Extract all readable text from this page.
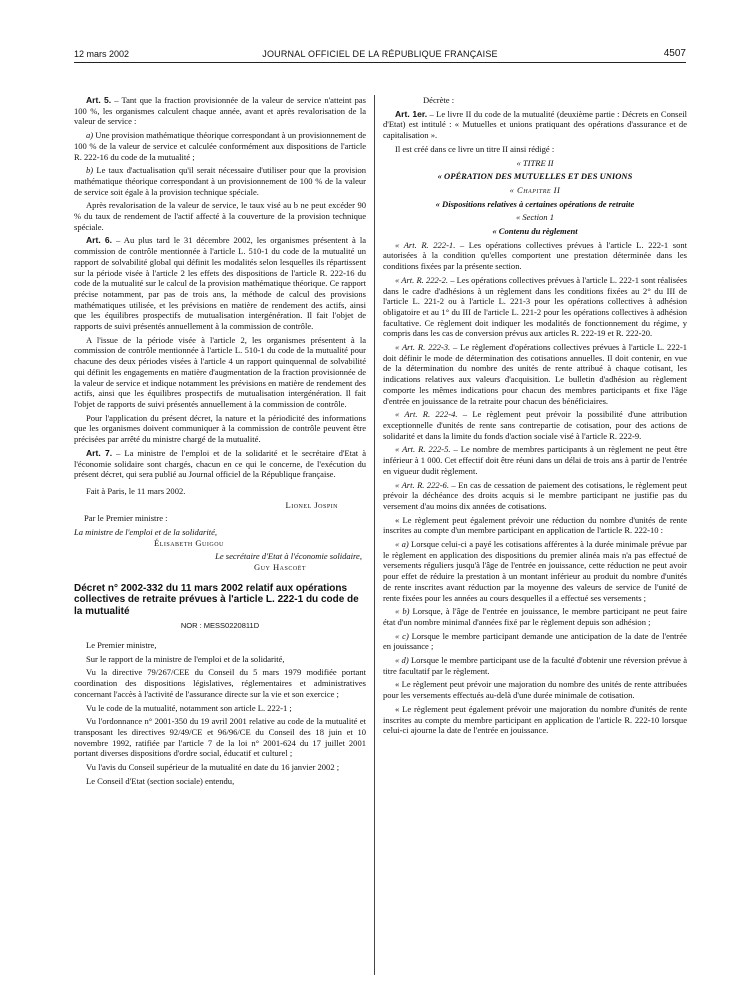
12 mars 2002	JOURNAL OFFICIEL DE LA RÉPUBLIQUE FRANÇAISE	4507

Art. 5. – Tant que la fraction provisionnée de la valeur de service n'atteint pas 100 %, les organismes calculent chaque année, avant et après revalorisation de la valeur de service :

a) Une provision mathématique théorique correspondant à un provisionnement de 100 % de la valeur de service et calculée conformément aux dispositions de l'article R. 222-16 du code de la mutualité ;

b) Le taux d'actualisation qu'il serait nécessaire d'utiliser pour que la provision mathématique théorique correspondant à un provisionnement de 100 % de la valeur de service soit égale à la provision technique spéciale.

Après revalorisation de la valeur de service, le taux visé au b ne peut excéder 90 % du taux de rendement de l'actif affecté à la couverture de la provision technique spéciale.

Art. 6. – Au plus tard le 31 décembre 2002, les organismes présentent à la commission de contrôle mentionnée à l'article L. 510-1 du code de la mutualité un rapport de solvabilité global qui définit les modalités selon lesquelles ils répartissent sur la période visée à l'article 2 les effets des dispositions de l'article R. 222-16 du code de la mutualité sur le calcul de la provision mathématique théorique. Ce rapport précise notamment, par pas de trois ans, la méthode de calcul des provisions mathématiques utilisée, et les prévisions en matière de rendement des actifs, ainsi que les équilibres prospectifs de mutualisation intergénération. Il fait l'objet de rapports de suivi présentés annuellement à la commission de contrôle.

A l'issue de la période visée à l'article 2, les organismes présentent à la commission de contrôle mentionnée à l'article L. 510-1 du code de la mutualité pour chacune des deux périodes visées à l'article 4 un rapport quinquennal de solvabilité qui définit les engagements en matière d'augmentation de la fraction provisionnée de la valeur de service et indique notamment les prévisions en matière de rendement des actifs, ainsi que les équilibres prospectifs de mutualisation intergénération. Il fait l'objet de rapports de suivi présentés annuellement à la commission de contrôle.

Pour l'application du présent décret, la nature et la périodicité des informations que les organismes doivent communiquer à la commission de contrôle peuvent être précisées par arrêté du ministre chargé de la mutualité.

Art. 7. – La ministre de l'emploi et de la solidarité et le secrétaire d'Etat à l'économie solidaire sont chargés, chacun en ce qui le concerne, de l'exécution du présent décret, qui sera publié au Journal officiel de la République française.

Fait à Paris, le 11 mars 2002.

Lionel Jospin

Par le Premier ministre :

La ministre de l'emploi et de la solidarité,

Élisabeth Guigou

Le secrétaire d'Etat à l'économie solidaire,

Guy Hascoët

Décret n° 2002-332 du 11 mars 2002 relatif aux opérations collectives de retraite prévues à l'article L. 222-1 du code de la mutualité

NOR : MESS0220811D

Le Premier ministre,

Sur le rapport de la ministre de l'emploi et de la solidarité,

Vu la directive 79/267/CEE du Conseil du 5 mars 1979 modifiée portant coordination des dispositions législatives, réglementaires et administratives concernant l'accès à l'activité de l'assurance directe sur la vie et son exercice ;

Vu le code de la mutualité, notamment son article L. 222-1 ;

Vu l'ordonnance n° 2001-350 du 19 avril 2001 relative au code de la mutualité et transposant les directives 92/49/CE et 96/96/CE du Conseil des 18 juin et 10 novembre 1992, ratifiée par l'article 7 de la loi n° 2001-624 du 17 juillet 2001 portant diverses dispositions d'ordre social, éducatif et culturel ;

Vu l'avis du Conseil supérieur de la mutualité en date du 16 janvier 2002 ;

Le Conseil d'Etat (section sociale) entendu,

Décrète :

Art. 1er. – Le livre II du code de la mutualité (deuxième partie : Décrets en Conseil d'Etat) est intitulé : « Mutuelles et unions pratiquant des opérations d'assurance et de capitalisation ».

Il est créé dans ce livre un titre II ainsi rédigé :

« TITRE II

« OPÉRATION DES MUTUELLES ET DES UNIONS

« Chapitre II

« Dispositions relatives à certaines opérations de retraite

« Section 1

« Contenu du règlement

« Art. R. 222-1. – Les opérations collectives prévues à l'article L. 222-1 sont autorisées à la condition qu'elles comportent une prestation déterminée dans les conditions fixées par la présente section.

« Art. R. 222-2. – Les opérations collectives prévues à l'article L. 222-1 sont réalisées dans le cadre d'adhésions à un règlement dans les conditions fixées au 2° du III de l'article L. 221-2 ou à l'article L. 221-3 pour les opérations collectives à adhésion obligatoire et au 1° du III de l'article L. 221-2 pour les opérations collectives à adhésion facultative. Ce règlement doit indiquer les modalités de fonctionnement du régime, y compris dans les cas de conversion prévus aux articles R. 222-19 et R. 222-20.

« Art. R. 222-3. – Le règlement d'opérations collectives prévues à l'article L. 222-1 doit définir le mode de détermination des cotisations annuelles. Il doit contenir, en vue de la détermination du nombre des unités de rente attribué à chaque cotisant, les indications relatives aux valeurs d'acquisition. Le bulletin d'adhésion au règlement comporte les mêmes indications pour chacun des membres participants et fixe l'âge d'entrée en jouissance de la retraite pour chacun des bénéficiaires.

« Art. R. 222-4. – Le règlement peut prévoir la possibilité d'une attribution exceptionnelle d'unités de rente sans contrepartie de cotisation, pour des actions de solidarité et dans la limite du fonds d'action sociale visé à l'article R. 222-9.

« Art. R. 222-5. – Le nombre de membres participants à un règlement ne peut être inférieur à 1 000. Cet effectif doit être réuni dans un délai de trois ans à partir de l'entrée en vigueur dudit règlement.

« Art. R. 222-6. – En cas de cessation de paiement des cotisations, le règlement peut prévoir la déchéance des droits acquis si le membre participant ne justifie pas du versement d'au moins dix années de cotisations.

« Le règlement peut également prévoir une réduction du nombre d'unités de rente inscrites au compte d'un membre participant en application de l'article R. 222-10 :

« a) Lorsque celui-ci a payé les cotisations afférentes à la durée minimale prévue par le règlement en application des dispositions du premier alinéa mais n'a pas effectué de versements réguliers jusqu'à l'âge de l'entrée en jouissance, cette réduction ne peut avoir pour effet de réduire la prestation à un montant inférieur au produit du nombre d'unités de rente inscrites avant réduction par la moyenne des valeurs de service de l'unité de rente fixées pour les années au cours desquelles il a effectué ses versements ;

« b) Lorsque, à l'âge de l'entrée en jouissance, le membre participant ne peut faire état d'un nombre minimal d'années fixé par le règlement depuis son adhésion ;

« c) Lorsque le membre participant demande une anticipation de la date de l'entrée en jouissance ;

« d) Lorsque le membre participant use de la faculté d'obtenir une réversion prévue à titre facultatif par le règlement.

« Le règlement peut prévoir une majoration du nombre des unités de rente attribuées pour les versements effectués au-delà d'une durée minimale de cotisation.

« Le règlement peut également prévoir une majoration du nombre d'unités de rente inscrites au compte du membre participant en application de l'article R. 222-10 lorsque celui-ci ajourne la date de l'entrée en jouissance.
